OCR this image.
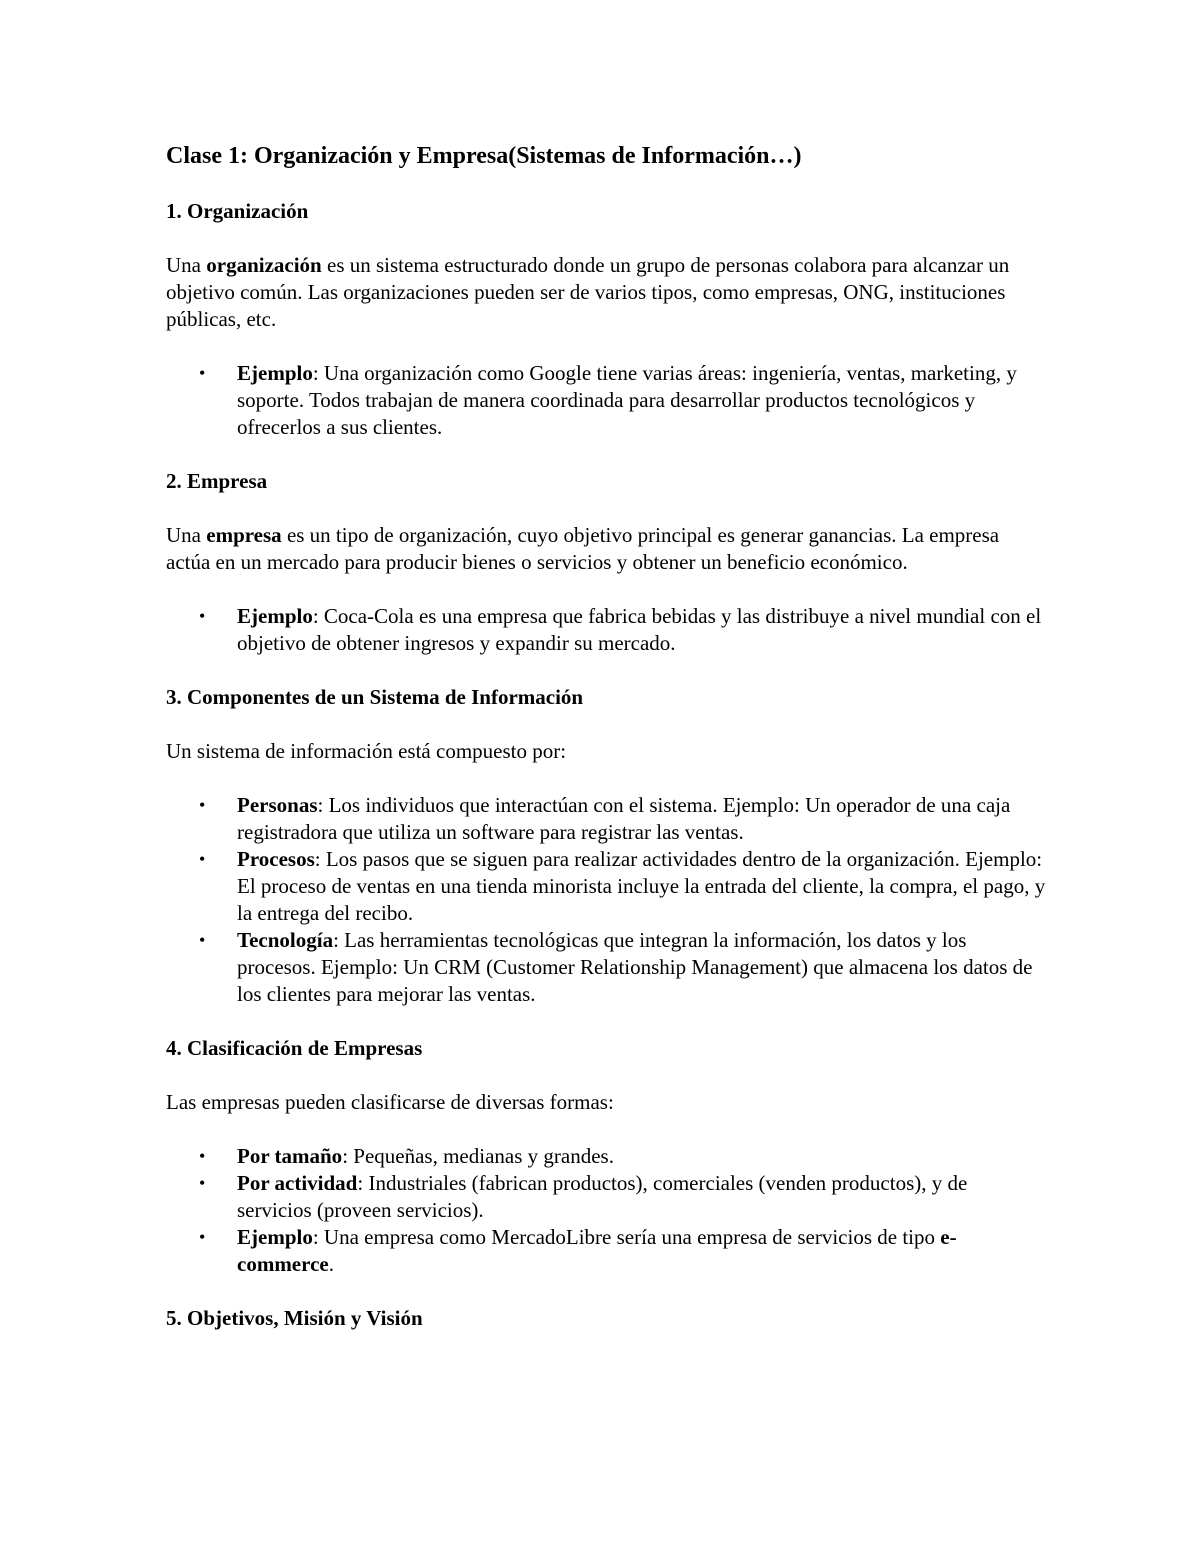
Clase 1: Organización y Empresa(Sistemas de Información…)
1. Organización

Una organización es un sistema estructurado donde un grupo de personas colabora para alcanzar un objetivo común. Las organizaciones pueden ser de varios tipos, como empresas, ONG, instituciones públicas, etc.

• Ejemplo: Una organización como Google tiene varias áreas: ingeniería, ventas, marketing, y soporte. Todos trabajan de manera coordinada para desarrollar productos tecnológicos y ofrecerlos a sus clientes.
2. Empresa

Una empresa es un tipo de organización, cuyo objetivo principal es generar ganancias. La empresa actúa en un mercado para producir bienes o servicios y obtener un beneficio económico.

• Ejemplo: Coca-Cola es una empresa que fabrica bebidas y las distribuye a nivel mundial con el objetivo de obtener ingresos y expandir su mercado.
3. Componentes de un Sistema de Información

Un sistema de información está compuesto por:

• Personas: Los individuos que interactúan con el sistema. Ejemplo: Un operador de una caja registradora que utiliza un software para registrar las ventas.
• Procesos: Los pasos que se siguen para realizar actividades dentro de la organización. Ejemplo: El proceso de ventas en una tienda minorista incluye la entrada del cliente, la compra, el pago, y la entrega del recibo.
• Tecnología: Las herramientas tecnológicas que integran la información, los datos y los procesos. Ejemplo: Un CRM (Customer Relationship Management) que almacena los datos de los clientes para mejorar las ventas.
4. Clasificación de Empresas

Las empresas pueden clasificarse de diversas formas:

• Por tamaño: Pequeñas, medianas y grandes.
• Por actividad: Industriales (fabrican productos), comerciales (venden productos), y de servicios (proveen servicios).
• Ejemplo: Una empresa como MercadoLibre sería una empresa de servicios de tipo e-commerce.
5. Objetivos, Misión y Visión
